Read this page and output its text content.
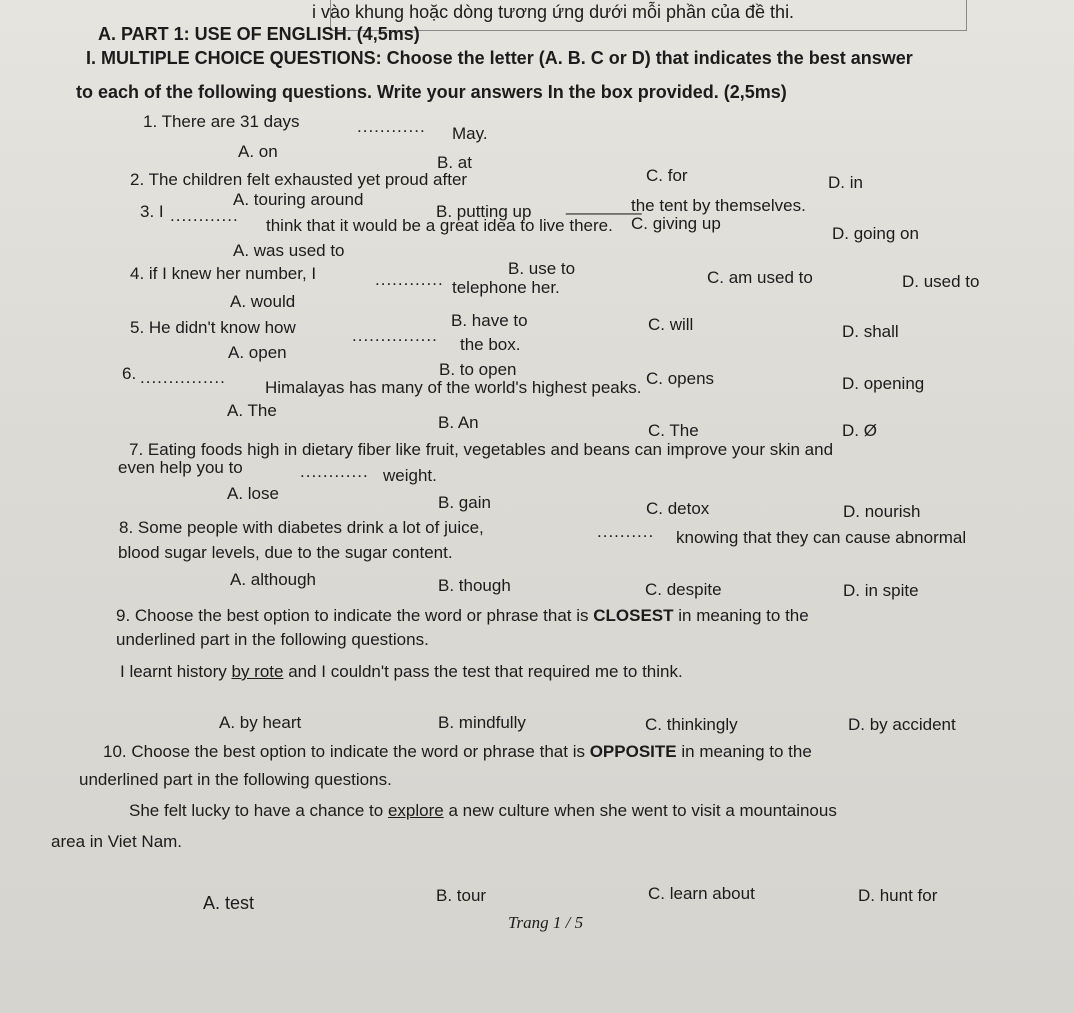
i vào khung hoặc dòng tương ứng dưới mỗi phần của đề thi.
A. PART 1: USE OF ENGLISH. (4,5ms)
I. MULTIPLE CHOICE QUESTIONS: Choose the letter (A. B. C or D) that indicates the best answer
to each of the following questions. Write your answers In the box provided. (2,5ms)
1. There are 31 days	............ May.
A. on
B. at
C. for	D. in
2. The children felt exhausted yet proud after
________
the tent by themselves.
A. touring around
B. putting up
C. giving up
D. going on
3. I ............
think that it would be a great idea to live there.
A. was used to
B. use to	C. am used to	D. used to
4. if I knew her number, I	............ telephone her.
A. would
B. have to	C. will	D. shall
5. He didn't know how	............... the box.
A. open
B. to open	C. opens	D. opening
6. ...............
Himalayas has many of the world's highest peaks.
A. The
B. An	C. The	D. Ø
7. Eating foods high in dietary fiber like fruit, vegetables and beans can improve your skin and
even help you to	............ weight.
A. lose	B. gain	C. detox	D. nourish
8. Some people with diabetes drink a lot of juice,	.......... knowing that they can cause abnormal
blood sugar levels, due to the sugar content.
A. although	B. though	C. despite	D. in spite
9. Choose the best option to indicate the word or phrase that is CLOSEST in meaning to the
underlined part in the following questions.
I learnt history by rote and I couldn't pass the test that required me to think.
A. by heart	B. mindfully	C. thinkingly	D. by accident
10. Choose the best option to indicate the word or phrase that is OPPOSITE in meaning to the
underlined part in the following questions.
She felt lucky to have a chance to explore a new culture when she went to visit a mountainous
area in Viet Nam.
A. test	B. tour	C. learn about	D. hunt for
Trang 1 / 5
